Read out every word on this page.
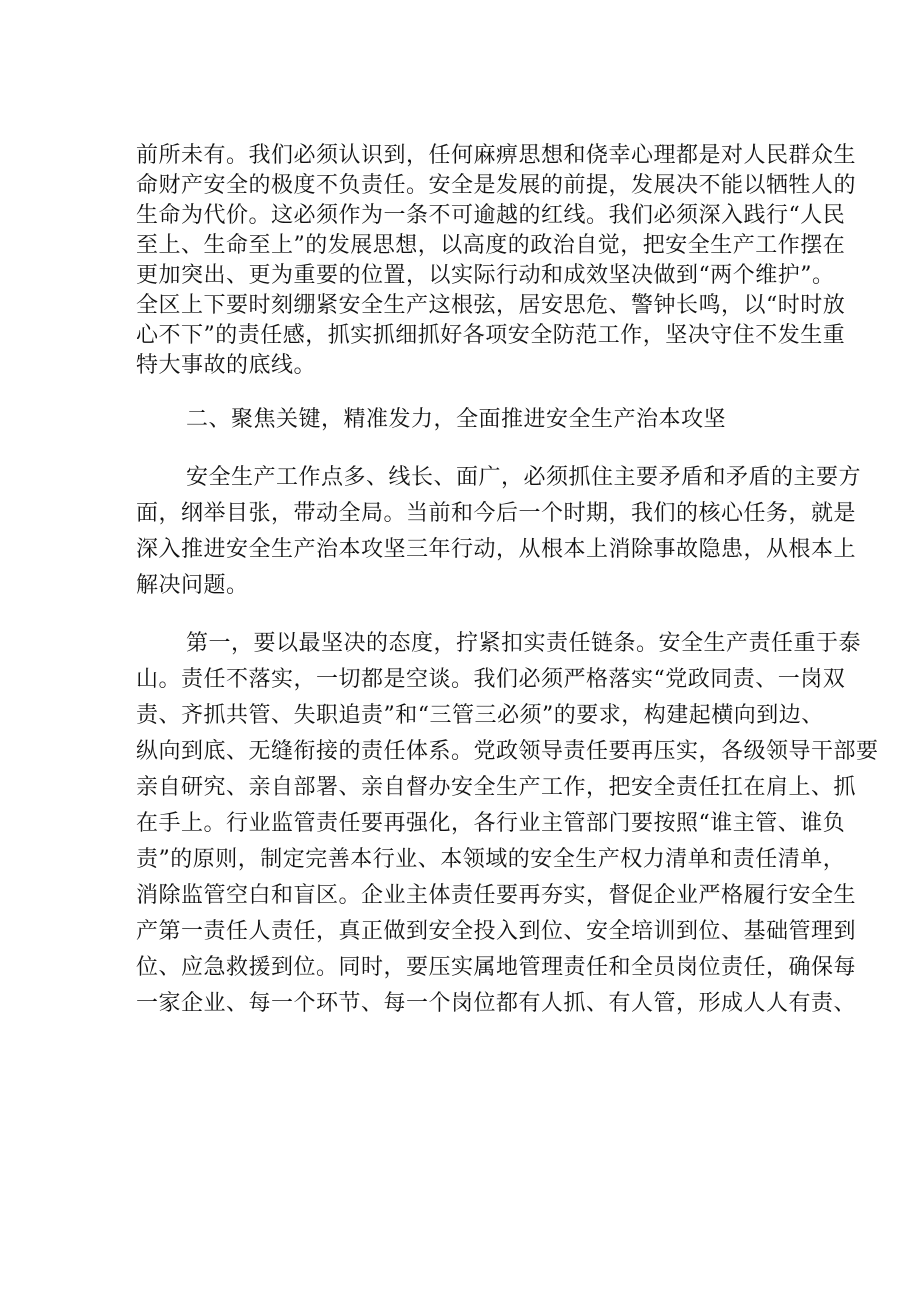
前所未有。我们必须认识到，任何麻痹思想和侥幸心理都是对人民群众生
命财产安全的极度不负责任。安全是发展的前提，发展决不能以牺牲人的
生命为代价。这必须作为一条不可逾越的红线。我们必须深入践行“人民
至上、生命至上”的发展思想，以高度的政治自觉，把安全生产工作摆在
更加突出、更为重要的位置，以实际行动和成效坚决做到“两个维护”。
全区上下要时刻绷紧安全生产这根弦，居安思危、警钟长鸣，以“时时放
心不下”的责任感，抓实抓细抓好各项安全防范工作，坚决守住不发生重
特大事故的底线。
二、聚焦关键，精准发力，全面推进安全生产治本攻坚
安全生产工作点多、线长、面广，必须抓住主要矛盾和矛盾的主要方
面，纲举目张，带动全局。当前和今后一个时期，我们的核心任务，就是
深入推进安全生产治本攻坚三年行动，从根本上消除事故隐患，从根本上
解决问题。
第一，要以最坚决的态度，拧紧扣实责任链条。安全生产责任重于泰
山。责任不落实，一切都是空谈。我们必须严格落实“党政同责、一岗双
责、齐抓共管、失职追责”和“三管三必须”的要求，构建起横向到边、
纵向到底、无缝衔接的责任体系。党政领导责任要再压实，各级领导干部要
亲自研究、亲自部署、亲自督办安全生产工作，把安全责任扛在肩上、抓
在手上。行业监管责任要再强化，各行业主管部门要按照“谁主管、谁负
责”的原则，制定完善本行业、本领域的安全生产权力清单和责任清单，
消除监管空白和盲区。企业主体责任要再夯实，督促企业严格履行安全生
产第一责任人责任，真正做到安全投入到位、安全培训到位、基础管理到
位、应急救援到位。同时，要压实属地管理责任和全员岗位责任，确保每
一家企业、每一个环节、每一个岗位都有人抓、有人管，形成人人有责、
